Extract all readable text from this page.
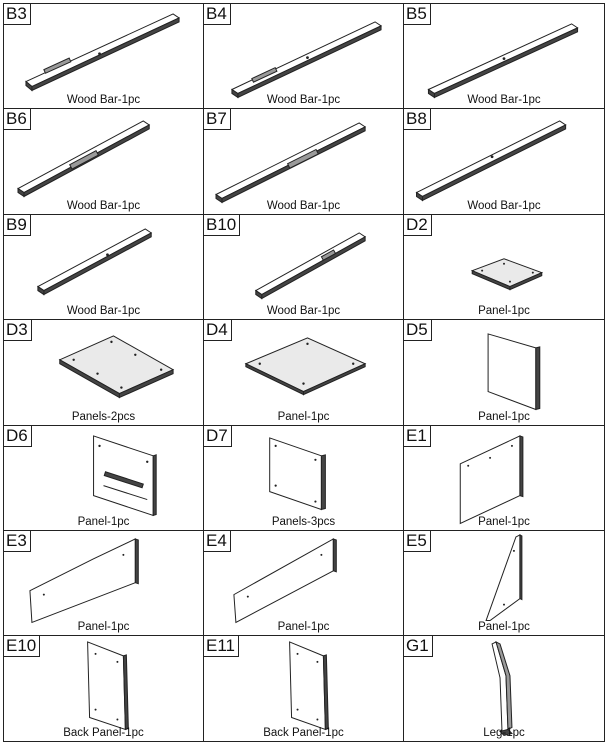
B3
Wood Bar-1pc
B4
Wood Bar-1pc
B5
Wood Bar-1pc
B6
Wood Bar-1pc
B7
Wood Bar-1pc
B8
Wood Bar-1pc
B9
Wood Bar-1pc
B10
Wood Bar-1pc
D2
Panel-1pc
D3
Panels-2pcs
D4
Panel-1pc
D5
Panel-1pc
D6
Panel-1pc
D7
Panels-3pcs
E1
Panel-1pc
E3
Panel-1pc
E4
Panel-1pc
E5
Panel-1pc
E10
Back Panel-1pc
E11
Back Panel-1pc
G1
Leg-1pc
